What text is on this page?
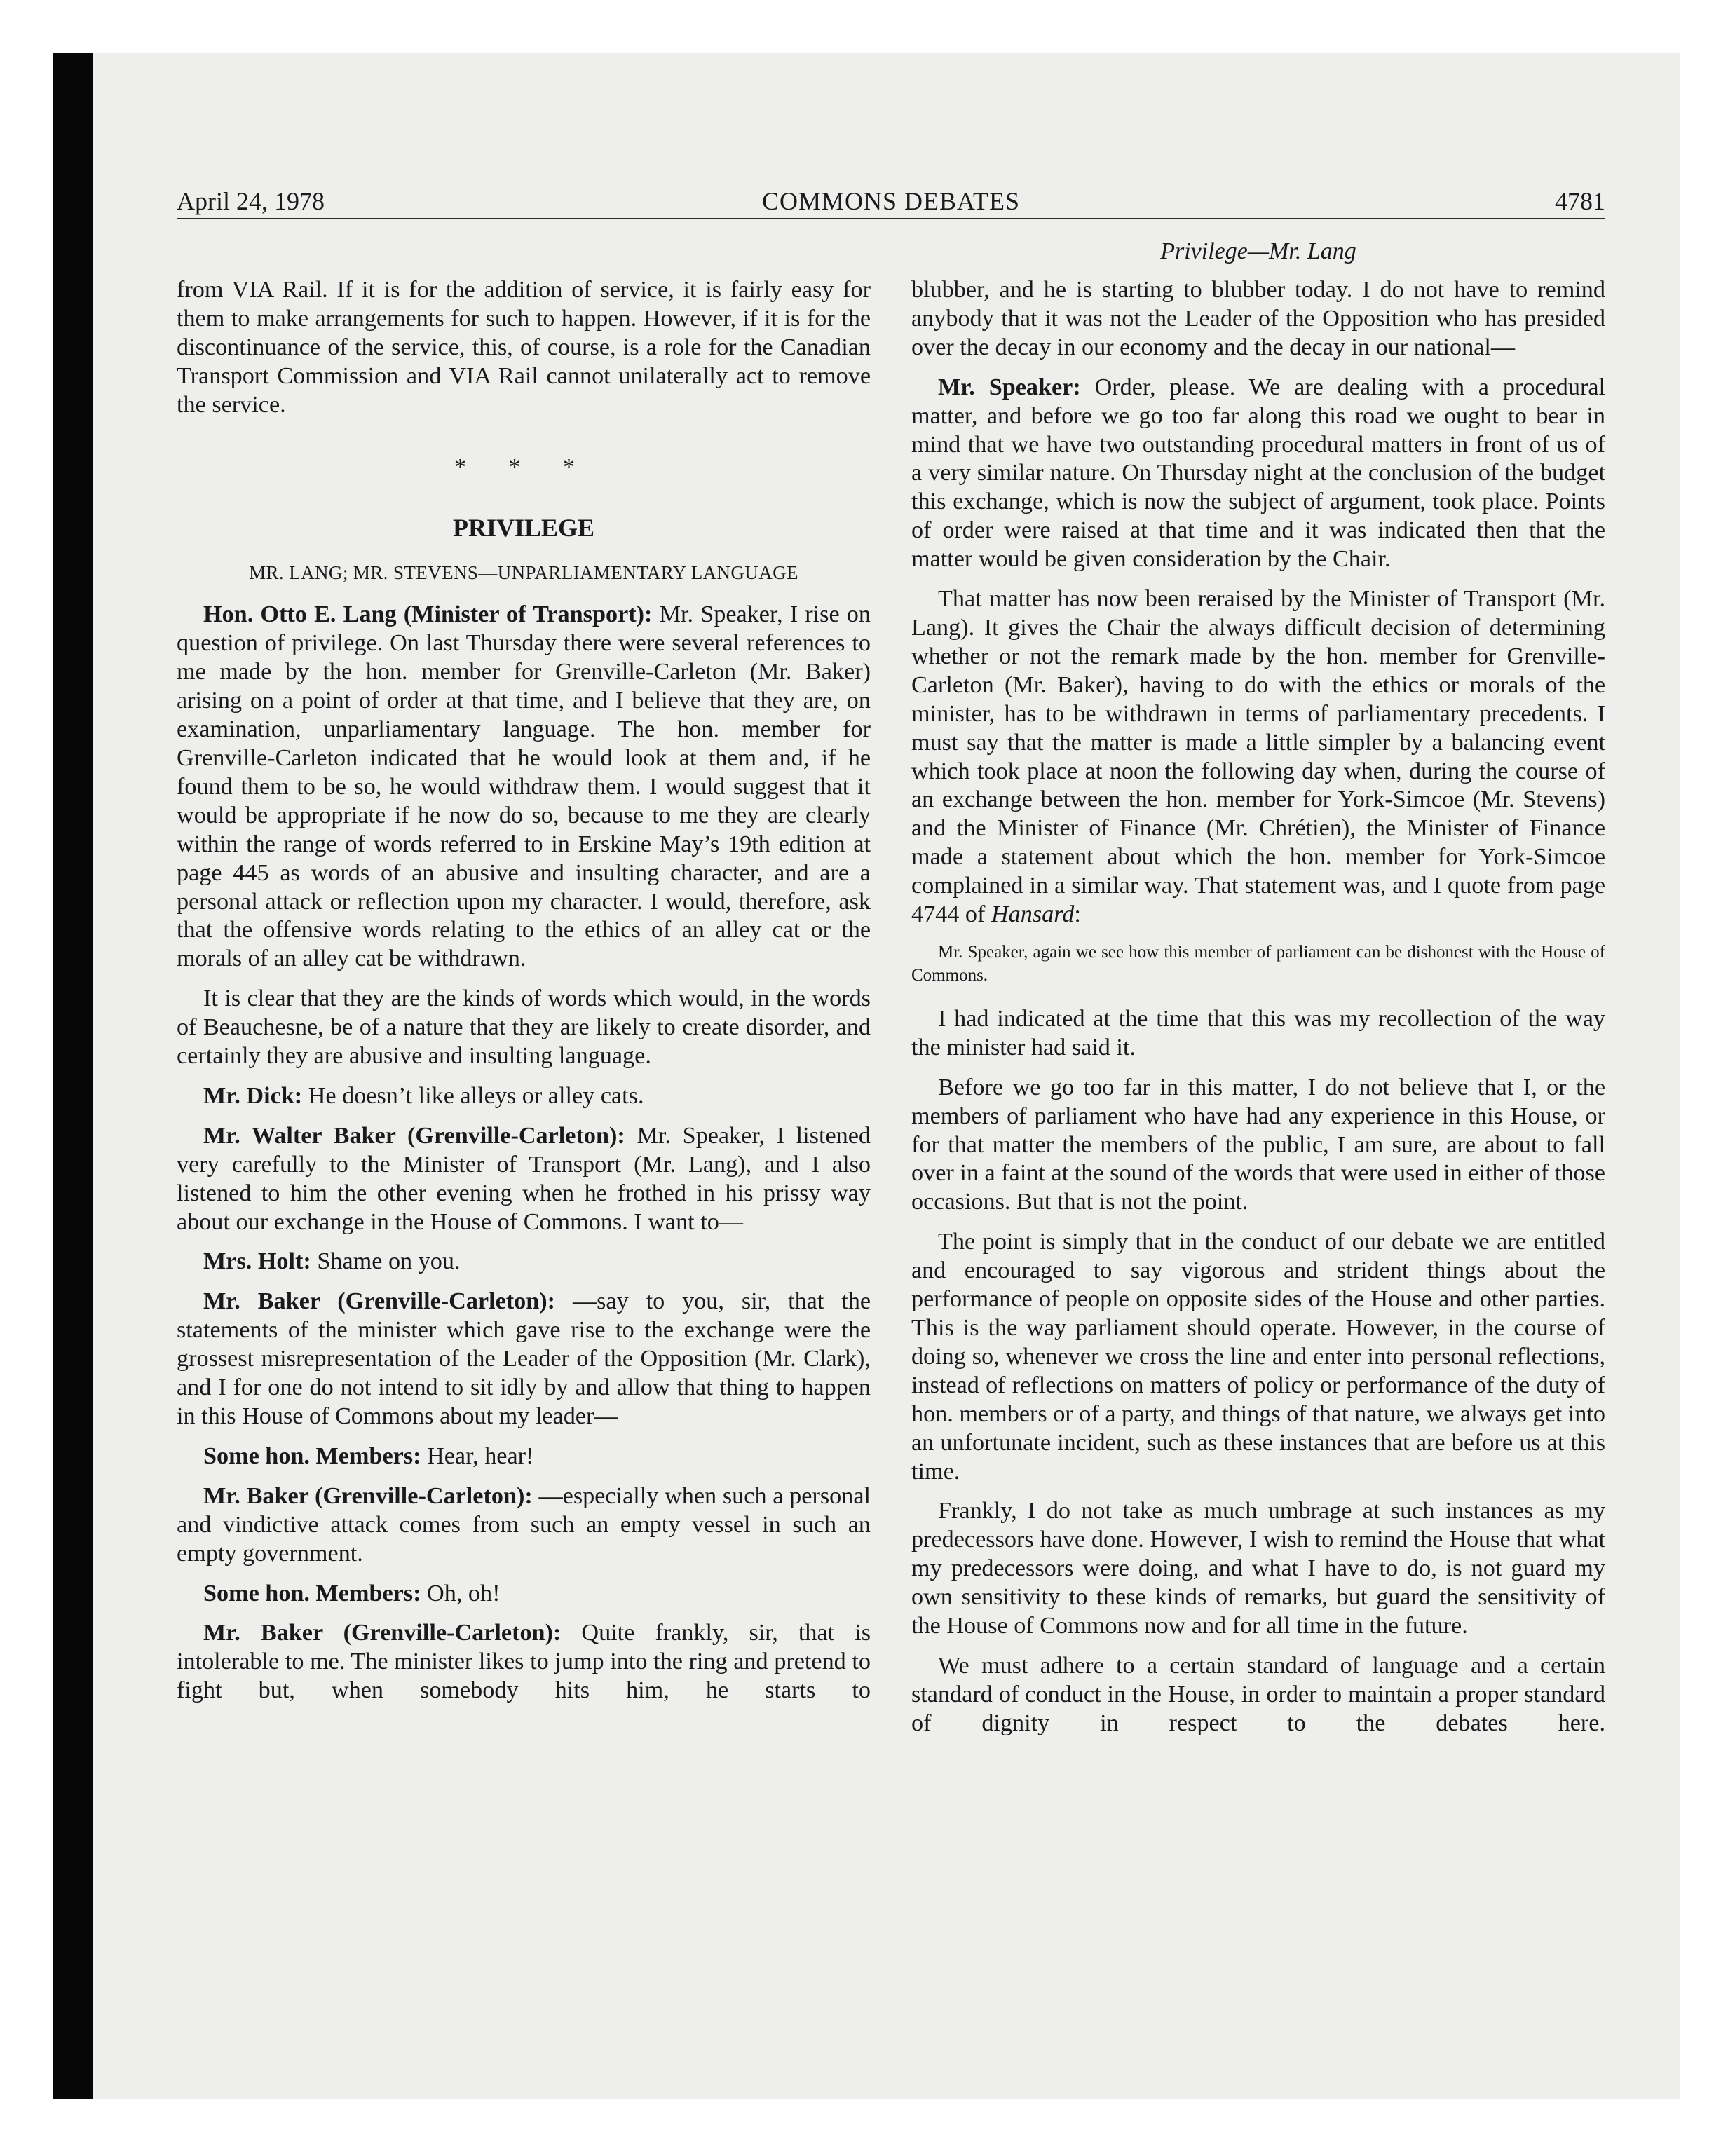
April 24, 1978	COMMONS DEBATES	4781
Privilege—Mr. Lang

from VIA Rail. If it is for the addition of service, it is fairly easy for them to make arrangements for such to happen. However, if it is for the discontinuance of the service, this, of course, is a role for the Canadian Transport Commission and VIA Rail cannot unilaterally act to remove the service.

* * *
PRIVILEGE
MR. LANG; MR. STEVENS—UNPARLIAMENTARY LANGUAGE

Hon. Otto E. Lang (Minister of Transport): Mr. Speaker, I rise on question of privilege. On last Thursday there were several references to me made by the hon. member for Grenville-Carleton (Mr. Baker) arising on a point of order at that time, and I believe that they are, on examination, unparliamentary language. The hon. member for Grenville-Carleton indicated that he would look at them and, if he found them to be so, he would withdraw them. I would suggest that it would be appropriate if he now do so, because to me they are clearly within the range of words referred to in Erskine May’s 19th edition at page 445 as words of an abusive and insulting character, and are a personal attack or reflection upon my character. I would, therefore, ask that the offensive words relating to the ethics of an alley cat or the morals of an alley cat be withdrawn.

It is clear that they are the kinds of words which would, in the words of Beauchesne, be of a nature that they are likely to create disorder, and certainly they are abusive and insulting language.

Mr. Dick: He doesn’t like alleys or alley cats.

Mr. Walter Baker (Grenville-Carleton): Mr. Speaker, I listened very carefully to the Minister of Transport (Mr. Lang), and I also listened to him the other evening when he frothed in his prissy way about our exchange in the House of Commons. I want to—

Mrs. Holt: Shame on you.

Mr. Baker (Grenville-Carleton): —say to you, sir, that the statements of the minister which gave rise to the exchange were the grossest misrepresentation of the Leader of the Opposition (Mr. Clark), and I for one do not intend to sit idly by and allow that thing to happen in this House of Commons about my leader—

Some hon. Members: Hear, hear!

Mr. Baker (Grenville-Carleton): —especially when such a personal and vindictive attack comes from such an empty vessel in such an empty government.

Some hon. Members: Oh, oh!

Mr. Baker (Grenville-Carleton): Quite frankly, sir, that is intolerable to me. The minister likes to jump into the ring and pretend to fight but, when somebody hits him, he starts to

blubber, and he is starting to blubber today. I do not have to remind anybody that it was not the Leader of the Opposition who has presided over the decay in our economy and the decay in our national—

Mr. Speaker: Order, please. We are dealing with a procedural matter, and before we go too far along this road we ought to bear in mind that we have two outstanding procedural matters in front of us of a very similar nature. On Thursday night at the conclusion of the budget this exchange, which is now the subject of argument, took place. Points of order were raised at that time and it was indicated then that the matter would be given consideration by the Chair.

That matter has now been reraised by the Minister of Transport (Mr. Lang). It gives the Chair the always difficult decision of determining whether or not the remark made by the hon. member for Grenville-Carleton (Mr. Baker), having to do with the ethics or morals of the minister, has to be withdrawn in terms of parliamentary precedents. I must say that the matter is made a little simpler by a balancing event which took place at noon the following day when, during the course of an exchange between the hon. member for York-Simcoe (Mr. Stevens) and the Minister of Finance (Mr. Chrétien), the Minister of Finance made a statement about which the hon. member for York-Simcoe complained in a similar way. That statement was, and I quote from page 4744 of Hansard:

Mr. Speaker, again we see how this member of parliament can be dishonest with the House of Commons.

I had indicated at the time that this was my recollection of the way the minister had said it.

Before we go too far in this matter, I do not believe that I, or the members of parliament who have had any experience in this House, or for that matter the members of the public, I am sure, are about to fall over in a faint at the sound of the words that were used in either of those occasions. But that is not the point.

The point is simply that in the conduct of our debate we are entitled and encouraged to say vigorous and strident things about the performance of people on opposite sides of the House and other parties. This is the way parliament should operate. However, in the course of doing so, whenever we cross the line and enter into personal reflections, instead of reflections on matters of policy or performance of the duty of hon. members or of a party, and things of that nature, we always get into an unfortunate incident, such as these instances that are before us at this time.

Frankly, I do not take as much umbrage at such instances as my predecessors have done. However, I wish to remind the House that what my predecessors were doing, and what I have to do, is not guard my own sensitivity to these kinds of remarks, but guard the sensitivity of the House of Commons now and for all time in the future.

We must adhere to a certain standard of language and a certain standard of conduct in the House, in order to maintain a proper standard of dignity in respect to the debates here.
